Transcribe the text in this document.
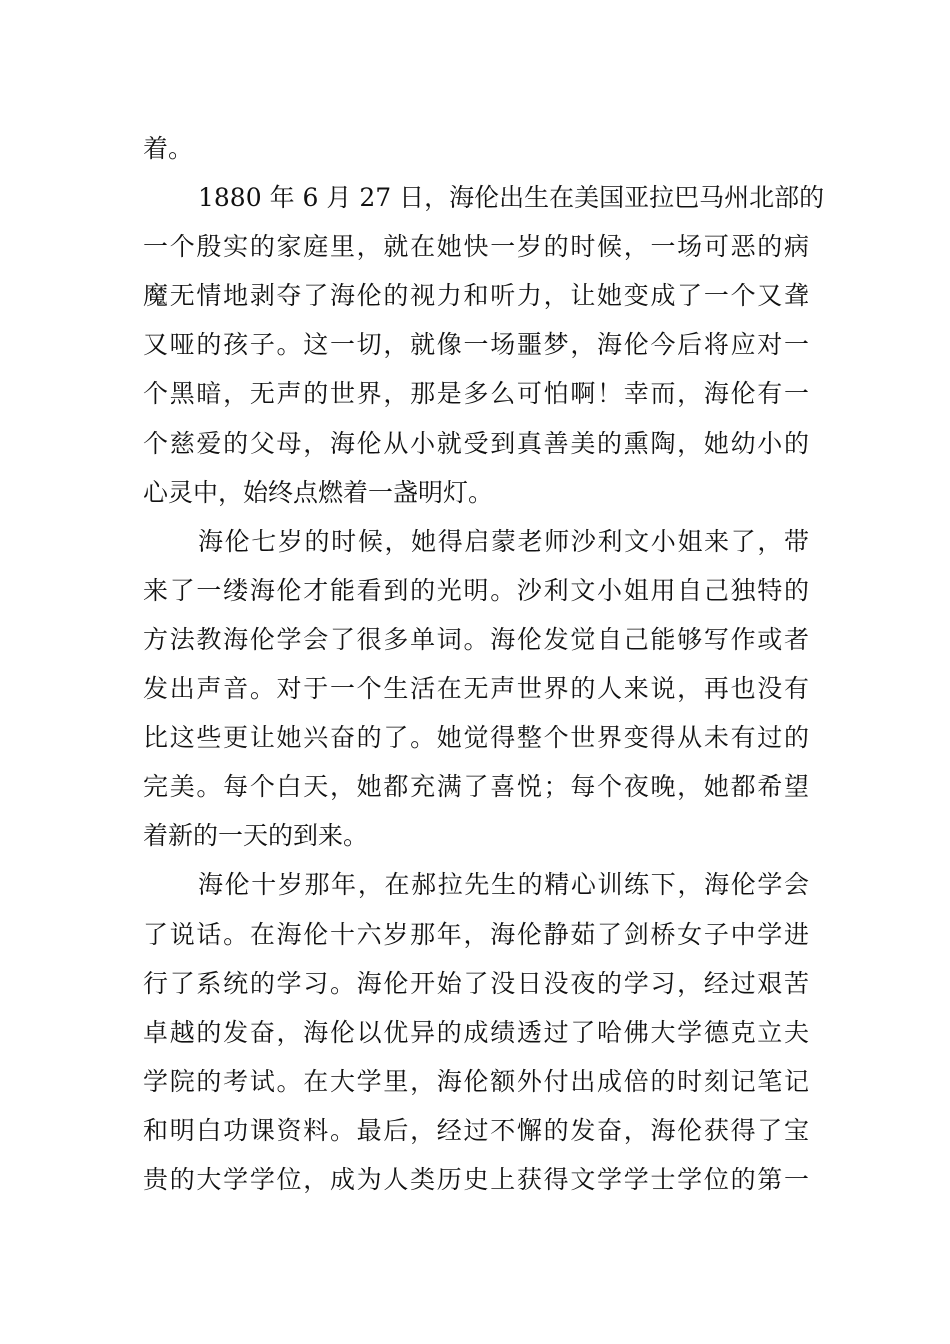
着。
1880 年 6 月 27 日，海伦出生在美国亚拉巴马州北部的
一个殷实的家庭里，就在她快一岁的时候，一场可恶的病
魔无情地剥夺了海伦的视力和听力，让她变成了一个又聋
又哑的孩子。这一切，就像一场噩梦，海伦今后将应对一
个黑暗，无声的世界，那是多么可怕啊！幸而，海伦有一
个慈爱的父母，海伦从小就受到真善美的熏陶，她幼小的
心灵中，始终点燃着一盏明灯。
海伦七岁的时候，她得启蒙老师沙利文小姐来了，带
来了一缕海伦才能看到的光明。沙利文小姐用自己独特的
方法教海伦学会了很多单词。海伦发觉自己能够写作或者
发出声音。对于一个生活在无声世界的人来说，再也没有
比这些更让她兴奋的了。她觉得整个世界变得从未有过的
完美。每个白天，她都充满了喜悦；每个夜晚，她都希望
着新的一天的到来。
海伦十岁那年，在郝拉先生的精心训练下，海伦学会
了说话。在海伦十六岁那年，海伦静茹了剑桥女子中学进
行了系统的学习。海伦开始了没日没夜的学习，经过艰苦
卓越的发奋，海伦以优异的成绩透过了哈佛大学德克立夫
学院的考试。在大学里，海伦额外付出成倍的时刻记笔记
和明白功课资料。最后，经过不懈的发奋，海伦获得了宝
贵的大学学位，成为人类历史上获得文学学士学位的第一
